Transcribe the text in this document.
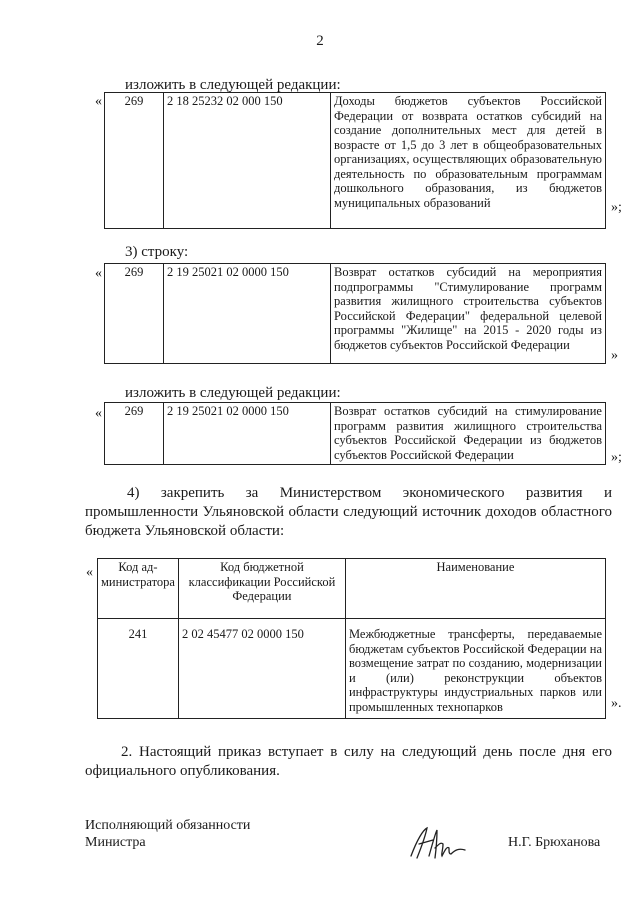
2
изложить в следующей редакции:
« 269	2 18 25232 02 000 150	Доходы бюджетов субъектов Российской Федерации от возврата остатков субсидий на создание дополнительных мест для детей в возрасте от 1,5 до 3 лет в общеобразовательных организациях, осуществляющих образовательную деятельность по образовательным программам дошкольного образования, из бюджетов муниципальных образований	»;
3) строку:
« 269	2 19 25021 02 0000 150	Возврат остатков субсидий на мероприятия подпрограммы "Стимулирование программ развития жилищного строительства субъектов Российской Федерации" федеральной целевой программы "Жилище" на 2015 - 2020 годы из бюджетов субъектов Российской Федерации
»
изложить в следующей редакции:
« 269	2 19 25021 02 0000 150	Возврат остатков субсидий на стимулирование программ развития жилищного строительства субъектов Российской Федерации из бюджетов субъектов Российской Федерации	»;
4) закрепить за Министерством экономического развития и промышленности Ульяновской области следующий источник доходов областного бюджета Ульяновской области:
« Код ад-министратора	Код бюджетной классификации Российской Федерации	Наименование
241	2 02 45477 02 0000 150	Межбюджетные трансферты, передаваемые бюджетам субъектов Российской Федерации на возмещение затрат по созданию, модернизации и (или) реконструкции объектов инфраструктуры индустриальных парков или промышленных технопарков	».
2. Настоящий приказ вступает в силу на следующий день после дня его официального опубликования.
Исполняющий обязанности
Министра	Н.Г. Брюханова
